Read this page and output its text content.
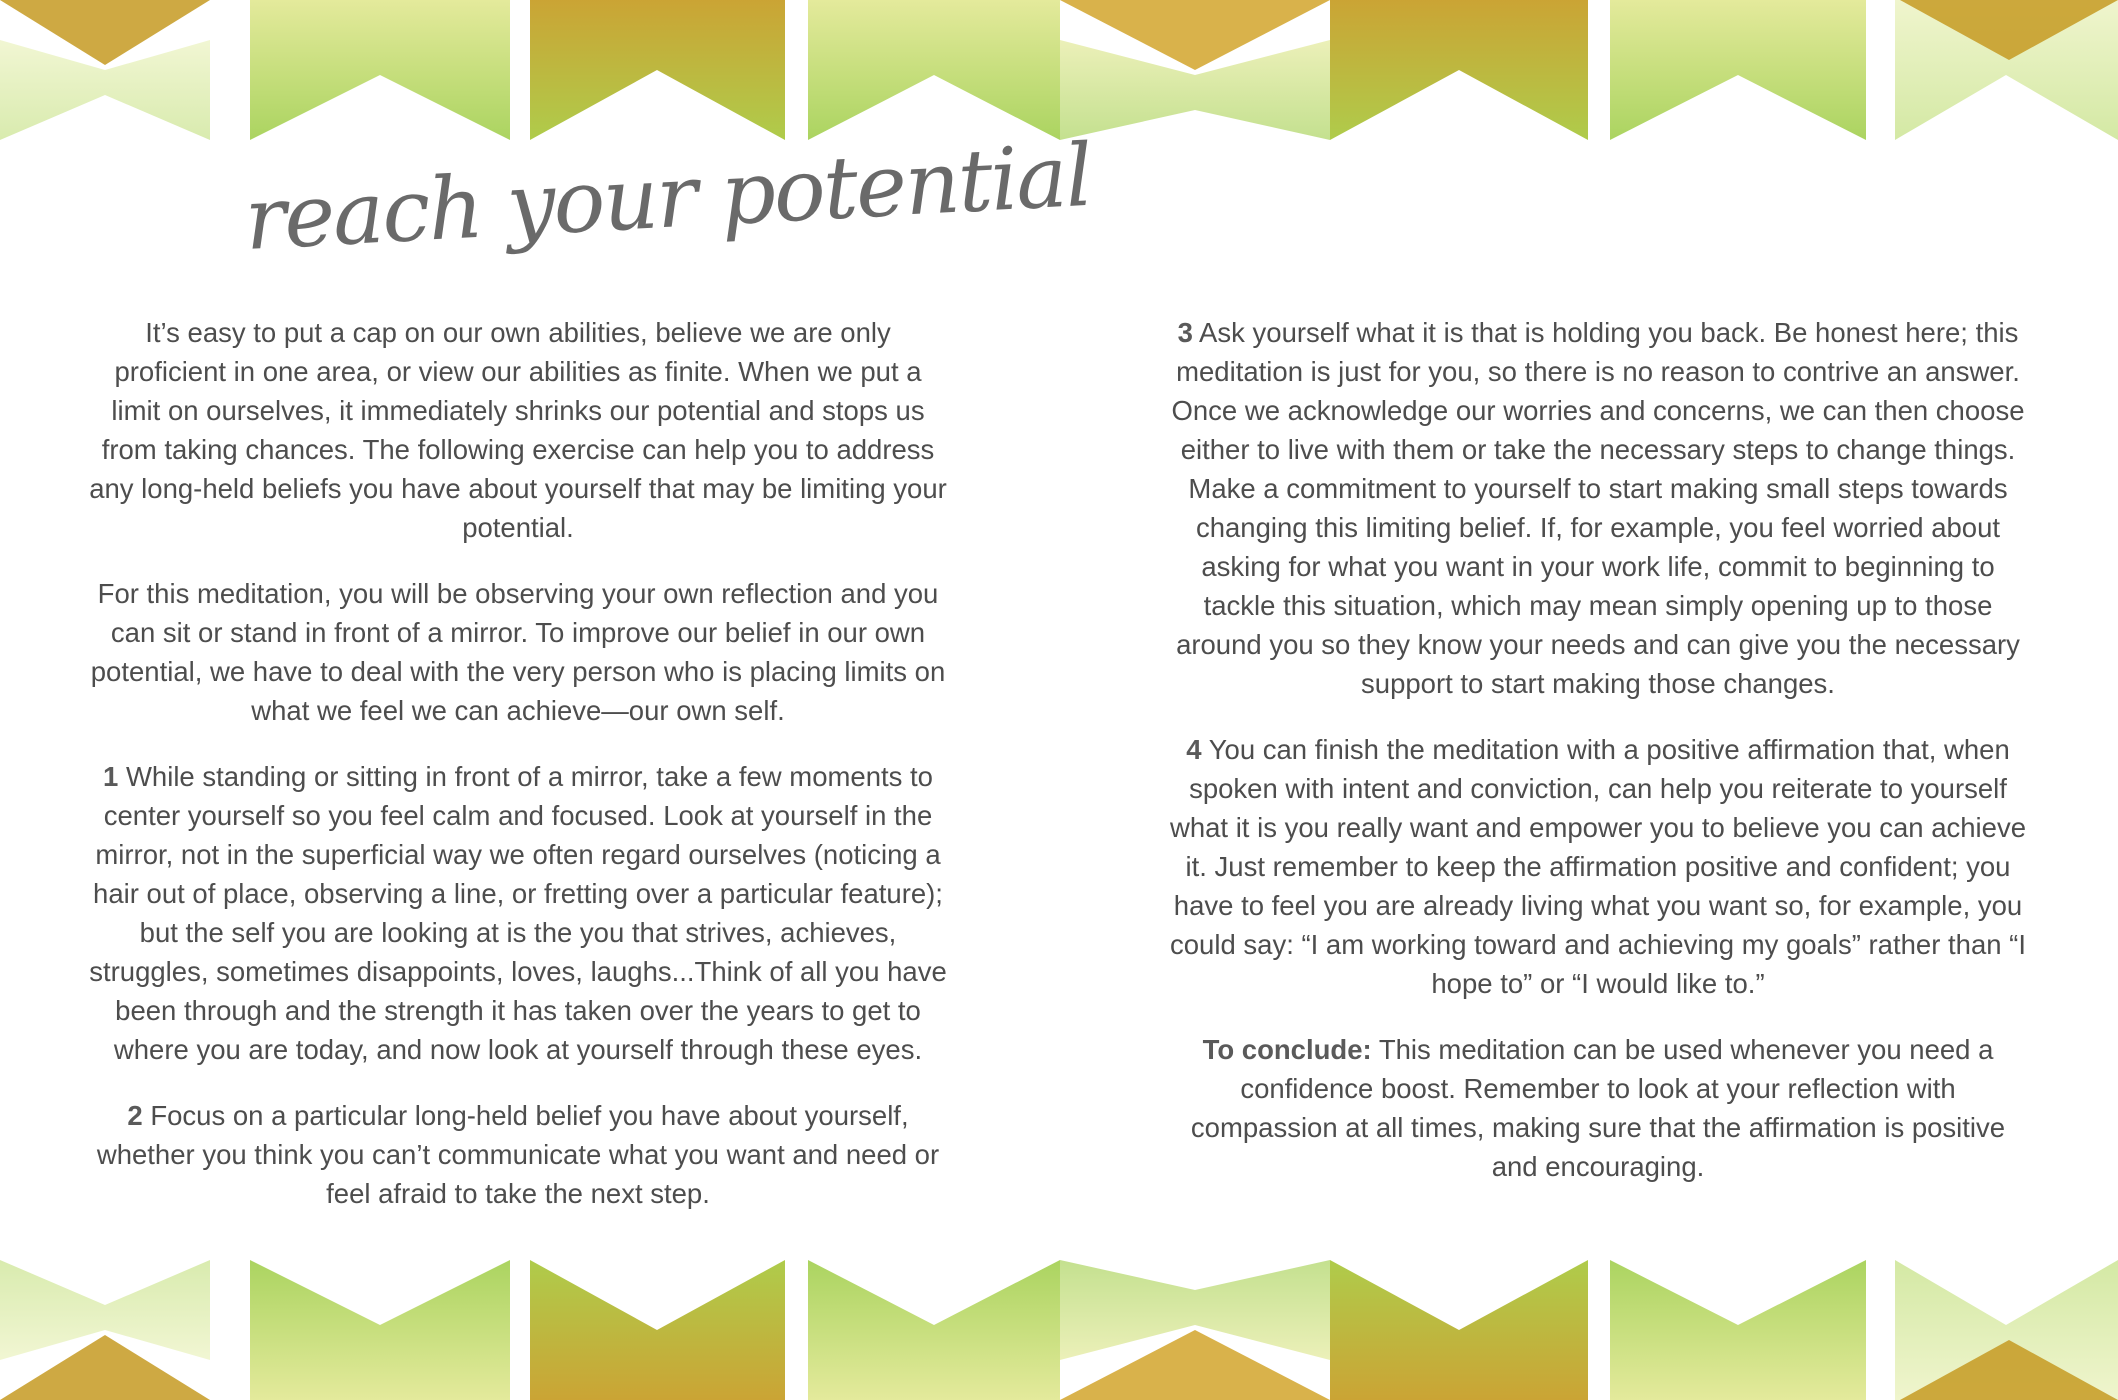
reach your potential

It’s easy to put a cap on our own abilities, believe we are only proficient in one area, or view our abilities as finite. When we put a limit on ourselves, it immediately shrinks our potential and stops us from taking chances. The following exercise can help you to address any long-held beliefs you have about yourself that may be limiting your potential.

For this meditation, you will be observing your own reflection and you can sit or stand in front of a mirror. To improve our belief in our own potential, we have to deal with the very person who is placing limits on what we feel we can achieve—our own self.

1 While standing or sitting in front of a mirror, take a few moments to center yourself so you feel calm and focused. Look at yourself in the mirror, not in the superficial way we often regard ourselves (noticing a hair out of place, observing a line, or fretting over a particular feature); but the self you are looking at is the you that strives, achieves, struggles, sometimes disappoints, loves, laughs...Think of all you have been through and the strength it has taken over the years to get to where you are today, and now look at yourself through these eyes.

2 Focus on a particular long-held belief you have about yourself, whether you think you can’t communicate what you want and need or feel afraid to take the next step.

3 Ask yourself what it is that is holding you back. Be honest here; this meditation is just for you, so there is no reason to contrive an answer. Once we acknowledge our worries and concerns, we can then choose either to live with them or take the necessary steps to change things. Make a commitment to yourself to start making small steps towards changing this limiting belief. If, for example, you feel worried about asking for what you want in your work life, commit to beginning to tackle this situation, which may mean simply opening up to those around you so they know your needs and can give you the necessary support to start making those changes.

4 You can finish the meditation with a positive affirmation that, when spoken with intent and conviction, can help you reiterate to yourself what it is you really want and empower you to believe you can achieve it. Just remember to keep the affirmation positive and confident; you have to feel you are already living what you want so, for example, you could say: “I am working toward and achieving my goals” rather than “I hope to” or “I would like to.”

To conclude: This meditation can be used whenever you need a confidence boost. Remember to look at your reflection with compassion at all times, making sure that the affirmation is positive and encouraging.
